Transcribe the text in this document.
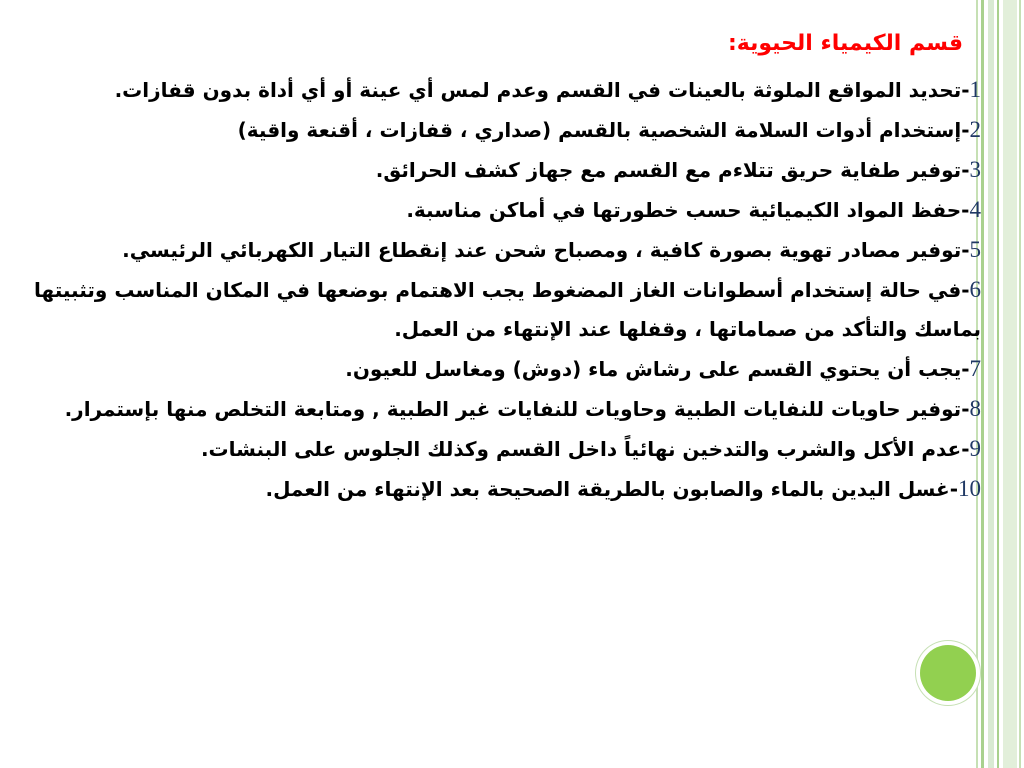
قسم الكيمياء الحيوية:

1-تحديد المواقع الملوثة بالعينات في القسم وعدم لمس أي عينة أو أي أداة بدون قفازات.

2-إستخدام أدوات السلامة الشخصية بالقسم (صداري ، قفازات ، أقنعة واقية)

3-توفير طفاية حريق تتلاءم مع القسم مع جهاز كشف الحرائق.

4-حفظ المواد الكيميائية حسب خطورتها في أماكن مناسبة.

5-توفير مصادر تهوية بصورة كافية ، ومصباح شحن عند إنقطاع التيار الكهربائي الرئيسي.

6-في حالة إستخدام أسطوانات الغاز المضغوط يجب الاهتمام بوضعها في المكان المناسب وتثبيتها بماسك والتأكد من صماماتها ، وقفلها عند الإنتهاء من العمل.

7-يجب أن يحتوي القسم على رشاش ماء (دوش) ومغاسل للعيون.

8-توفير حاويات للنفايات الطبية وحاويات للنفايات غير الطبية , ومتابعة التخلص منها بإستمرار.

9-عدم الأكل والشرب والتدخين نهائياً داخل القسم وكذلك الجلوس على البنشات.

10-غسل اليدين بالماء والصابون بالطريقة الصحيحة بعد الإنتهاء من العمل.
